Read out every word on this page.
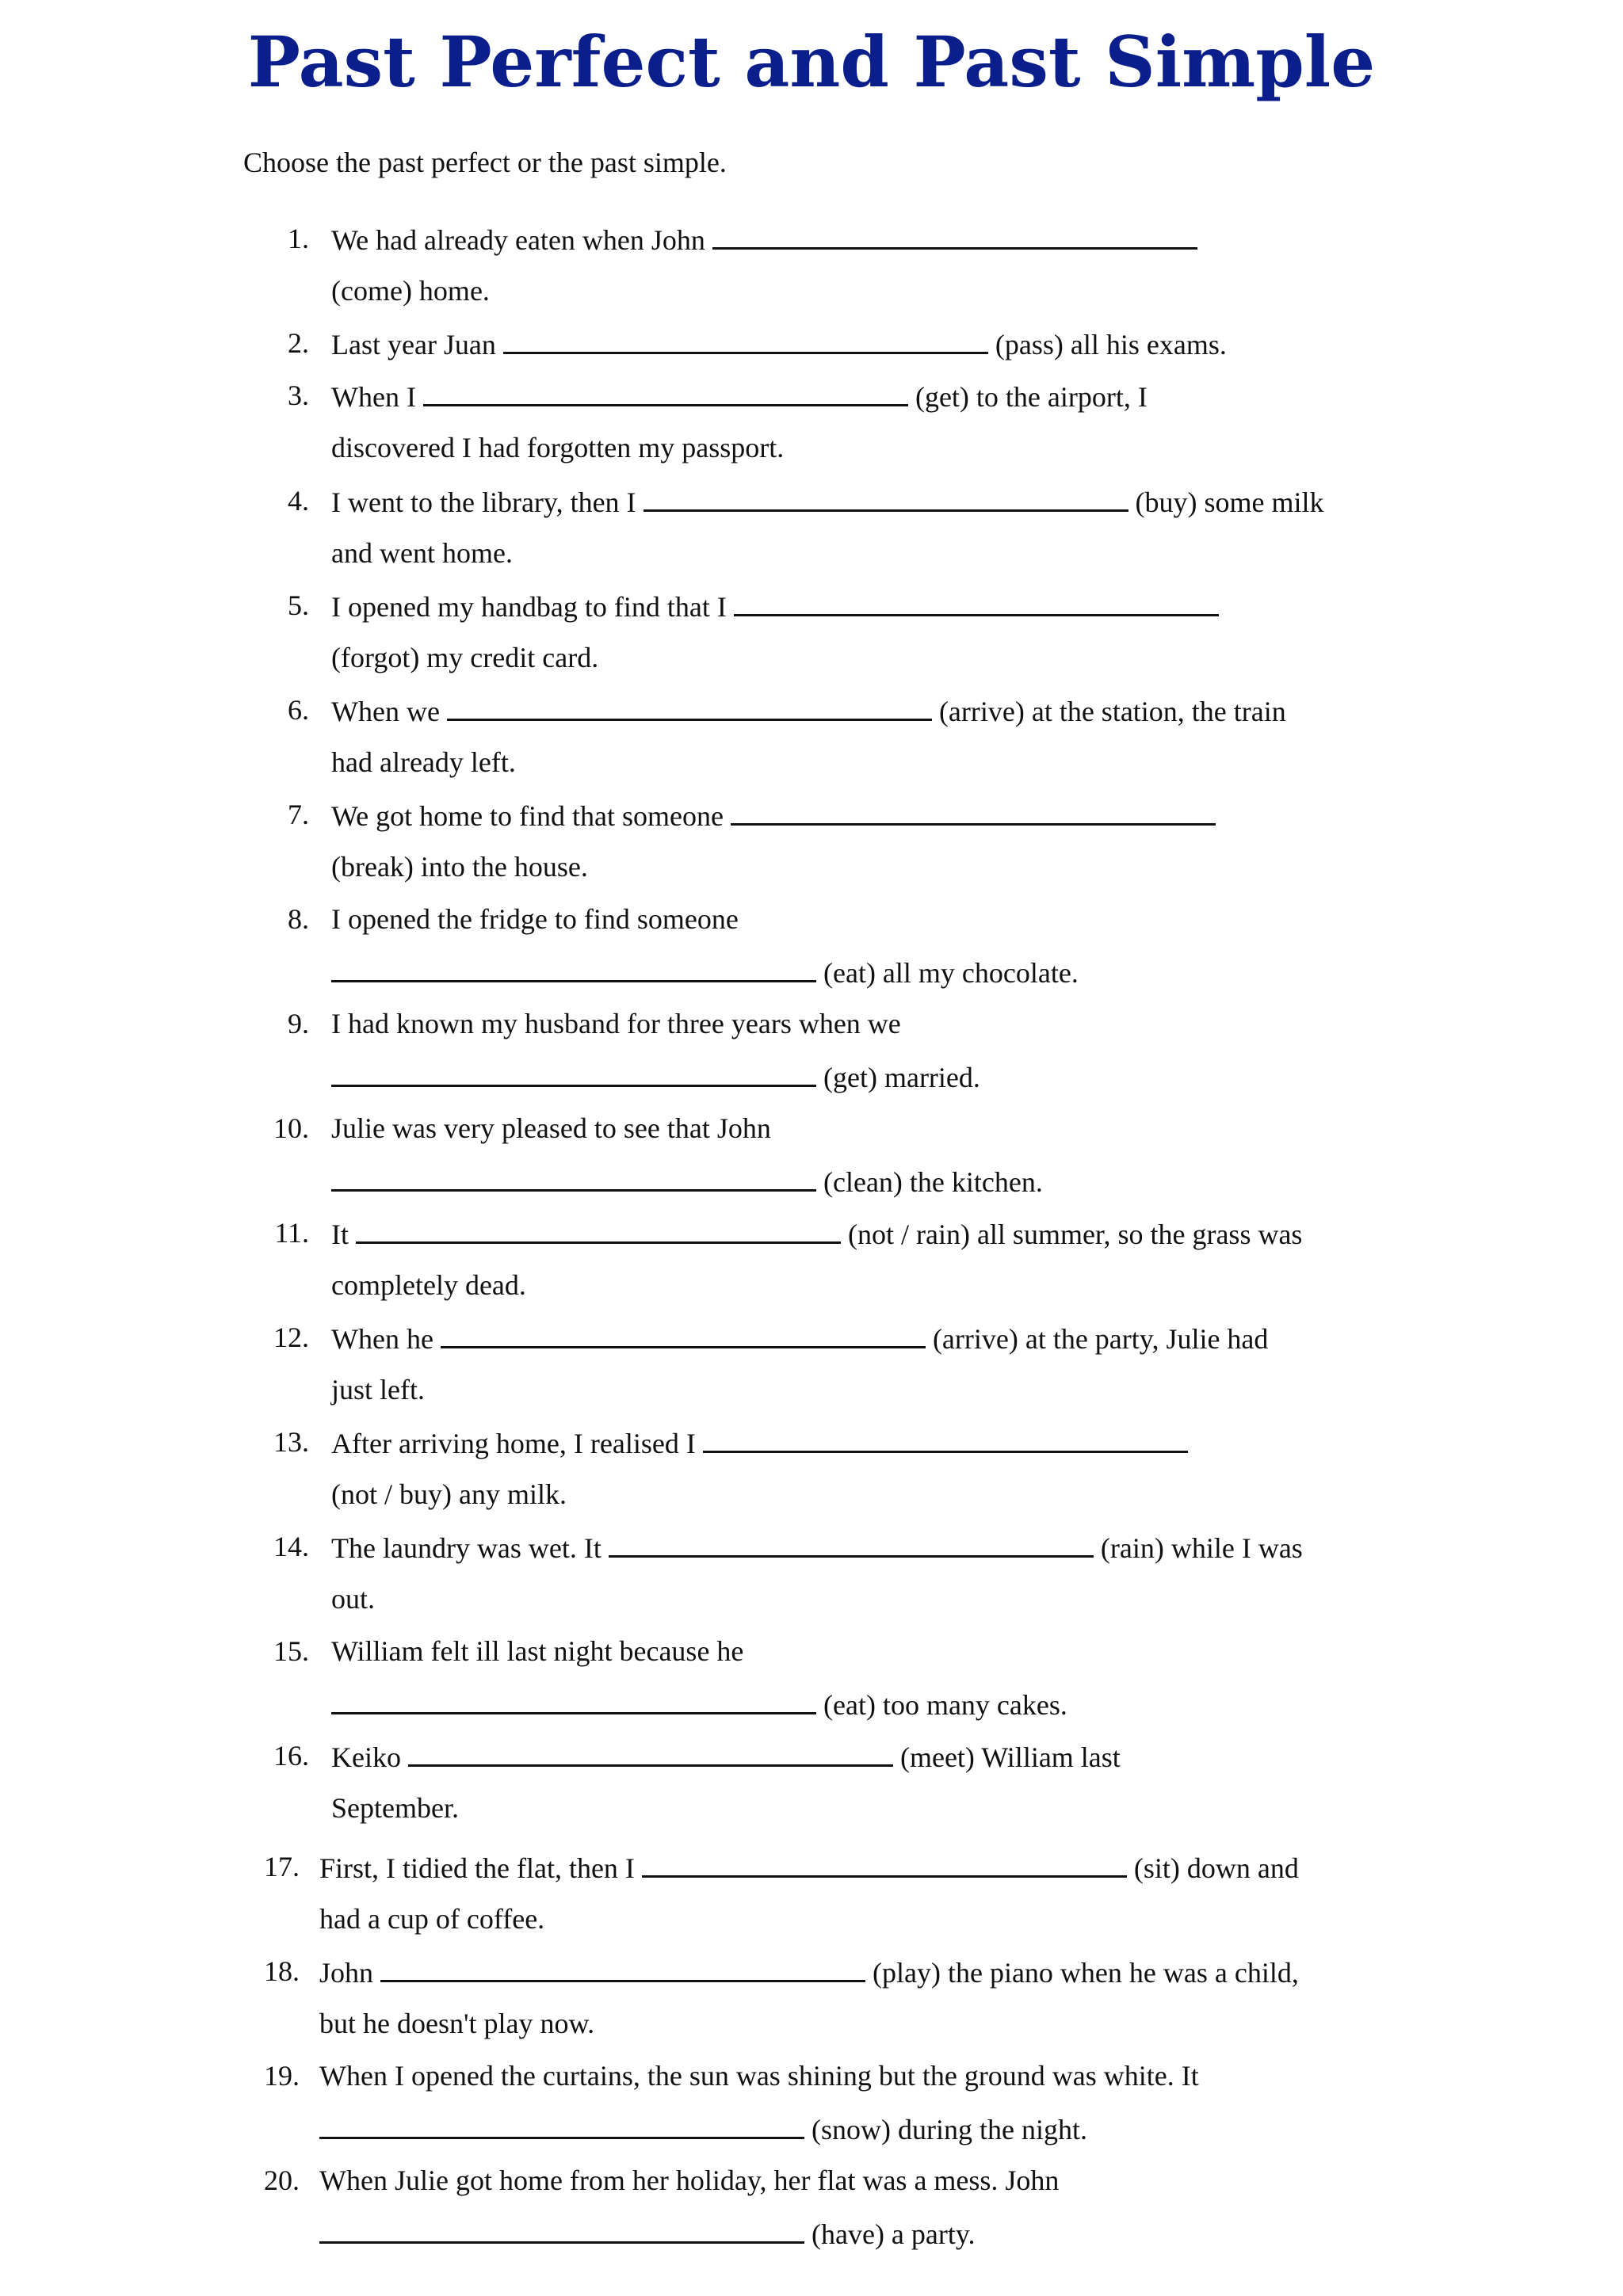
Past Perfect and Past Simple
Choose the past perfect or the past simple.
1. We had already eaten when John
(come) home.
2. Last year Juan	(pass) all his exams.
3. When I	(get) to the airport, I
discovered I had forgotten my passport.
4. I went to the library, then I	(buy) some milk
and went home.
5. I opened my handbag to find that I
(forgot) my credit card.
6. When we	(arrive) at the station, the train
had already left.
7. We got home to find that someone
(break) into the house.
8. I opened the fridge to find someone
(eat) all my chocolate.
9. I had known my husband for three years when we
(get) married.
10. Julie was very pleased to see that John
(clean) the kitchen.
11. It	(not / rain) all summer, so the grass was
completely dead.
12. When he	(arrive) at the party, Julie had
just left.
13. After arriving home, I realised I
(not / buy) any milk.
14. The laundry was wet. It	(rain) while I was
out.
15. William felt ill last night because he
(eat) too many cakes.
16. Keiko	(meet) William last
September.
17. First, I tidied the flat, then I	(sit) down and
had a cup of coffee.
18. John	(play) the piano when he was a child,
but he doesn't play now.
19. When I opened the curtains, the sun was shining but the ground was white. It
(snow) during the night.
20. When Julie got home from her holiday, her flat was a mess. John
(have) a party.
